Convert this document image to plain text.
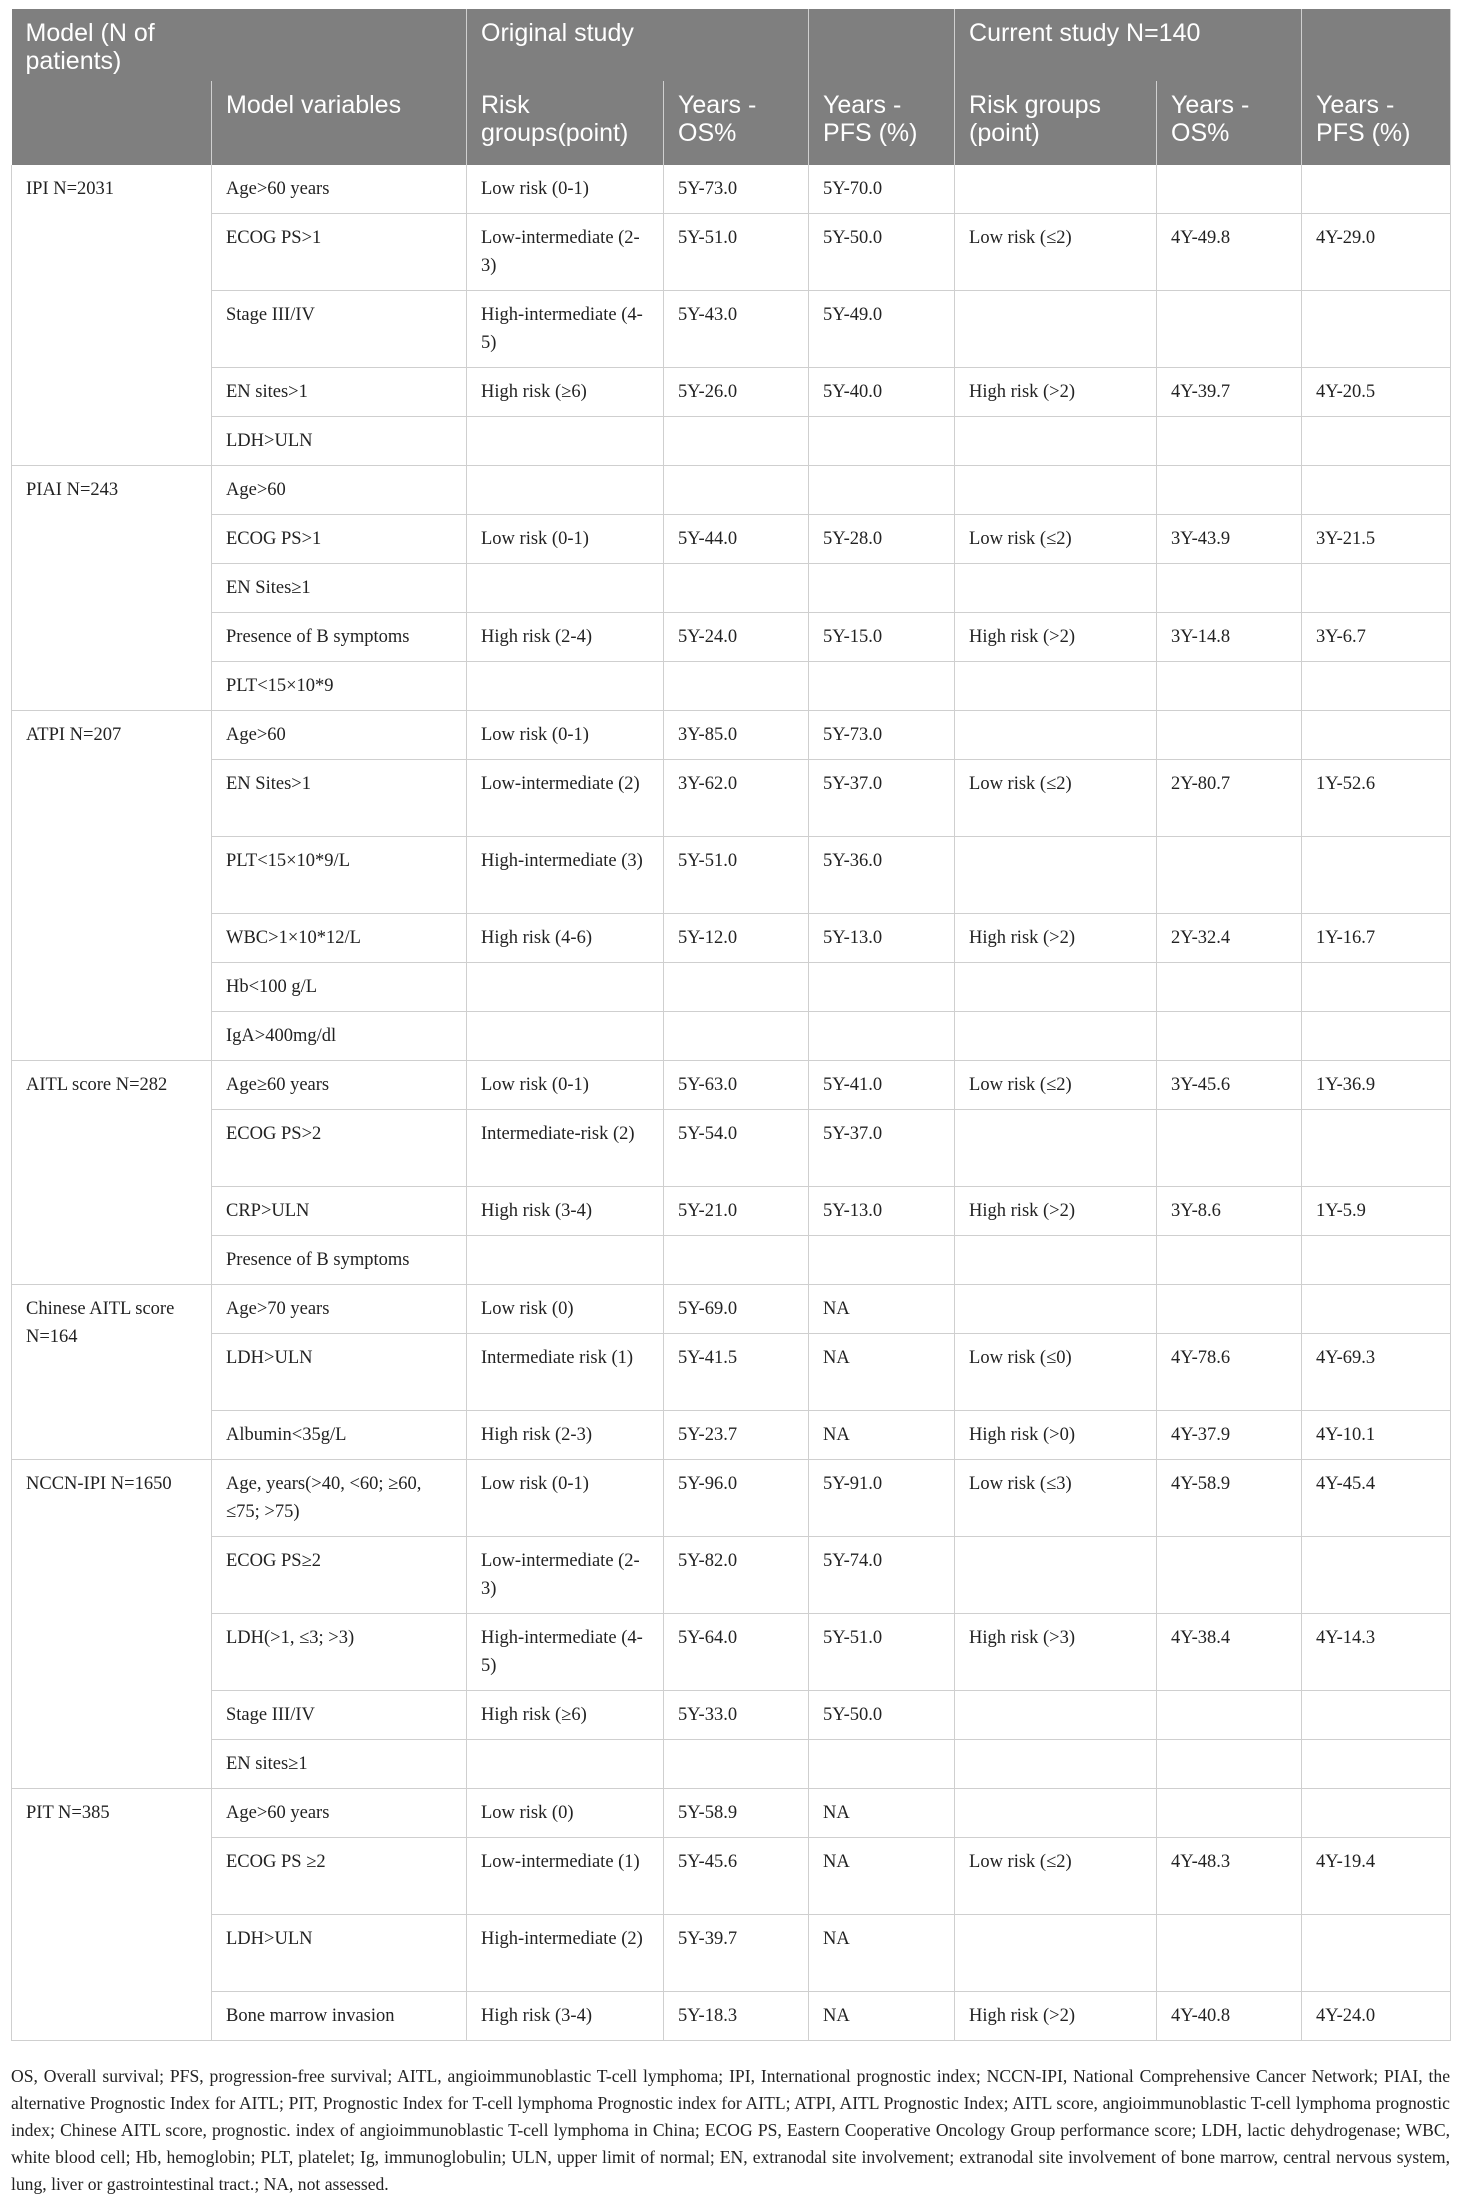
Model (N of patients)		Original study			Current study N=140		
	Model variables	Risk groups(point)	Years -OS%	Years -PFS (%)	Risk groups (point)	Years -OS%	Years -PFS (%)
IPI N=2031	Age>60 years	Low risk (0-1)	5Y-73.0	5Y-70.0			
	ECOG PS>1	Low-intermediate (2-3)	5Y-51.0	5Y-50.0	Low risk (≤2)	4Y-49.8	4Y-29.0
	Stage III/IV	High-intermediate (4-5)	5Y-43.0	5Y-49.0			
	EN sites>1	High risk (≥6)	5Y-26.0	5Y-40.0	High risk (>2)	4Y-39.7	4Y-20.5
	LDH>ULN						
PIAI N=243	Age>60						
	ECOG PS>1	Low risk (0-1)	5Y-44.0	5Y-28.0	Low risk (≤2)	3Y-43.9	3Y-21.5
	EN Sites≥1						
	Presence of B symptoms	High risk (2-4)	5Y-24.0	5Y-15.0	High risk (>2)	3Y-14.8	3Y-6.7
	PLT<15×10*9						
ATPI N=207	Age>60	Low risk (0-1)	3Y-85.0	5Y-73.0			
	EN Sites>1	Low-intermediate (2)	3Y-62.0	5Y-37.0	Low risk (≤2)	2Y-80.7	1Y-52.6
	PLT<15×10*9/L	High-intermediate (3)	5Y-51.0	5Y-36.0			
	WBC>1×10*12/L	High risk (4-6)	5Y-12.0	5Y-13.0	High risk (>2)	2Y-32.4	1Y-16.7
	Hb<100 g/L						
	IgA>400mg/dl						
AITL score N=282	Age≥60 years	Low risk (0-1)	5Y-63.0	5Y-41.0	Low risk (≤2)	3Y-45.6	1Y-36.9
	ECOG PS>2	Intermediate-risk (2)	5Y-54.0	5Y-37.0			
	CRP>ULN	High risk (3-4)	5Y-21.0	5Y-13.0	High risk (>2)	3Y-8.6	1Y-5.9
	Presence of B symptoms						
Chinese AITL score N=164	Age>70 years	Low risk (0)	5Y-69.0	NA			
	LDH>ULN	Intermediate risk (1)	5Y-41.5	NA	Low risk (≤0)	4Y-78.6	4Y-69.3
	Albumin<35g/L	High risk (2-3)	5Y-23.7	NA	High risk (>0)	4Y-37.9	4Y-10.1
NCCN-IPI N=1650	Age, years(>40, <60; ≥60, ≤75; >75)	Low risk (0-1)	5Y-96.0	5Y-91.0	Low risk (≤3)	4Y-58.9	4Y-45.4
	ECOG PS≥2	Low-intermediate (2-3)	5Y-82.0	5Y-74.0			
	LDH(>1, ≤3; >3)	High-intermediate (4-5)	5Y-64.0	5Y-51.0	High risk (>3)	4Y-38.4	4Y-14.3
	Stage III/IV	High risk (≥6)	5Y-33.0	5Y-50.0			
	EN sites≥1						
PIT N=385	Age>60 years	Low risk (0)	5Y-58.9	NA			
	ECOG PS ≥2	Low-intermediate (1)	5Y-45.6	NA	Low risk (≤2)	4Y-48.3	4Y-19.4
	LDH>ULN	High-intermediate (2)	5Y-39.7	NA			
	Bone marrow invasion	High risk (3-4)	5Y-18.3	NA	High risk (>2)	4Y-40.8	4Y-24.0
OS, Overall survival; PFS, progression-free survival; AITL, angioimmunoblastic T-cell lymphoma; IPI, International prognostic index; NCCN-IPI, National Comprehensive Cancer Network; PIAI, the alternative Prognostic Index for AITL; PIT, Prognostic Index for T-cell lymphoma Prognostic index for AITL; ATPI, AITL Prognostic Index; AITL score, angioimmunoblastic T-cell lymphoma prognostic index; Chinese AITL score, prognostic. index of angioimmunoblastic T-cell lymphoma in China; ECOG PS, Eastern Cooperative Oncology Group performance score; LDH, lactic dehydrogenase; WBC, white blood cell; Hb, hemoglobin; PLT, platelet; Ig, immunoglobulin; ULN, upper limit of normal; EN, extranodal site involvement; extranodal site involvement of bone marrow, central nervous system, lung, liver or gastrointestinal tract.; NA, not assessed.
